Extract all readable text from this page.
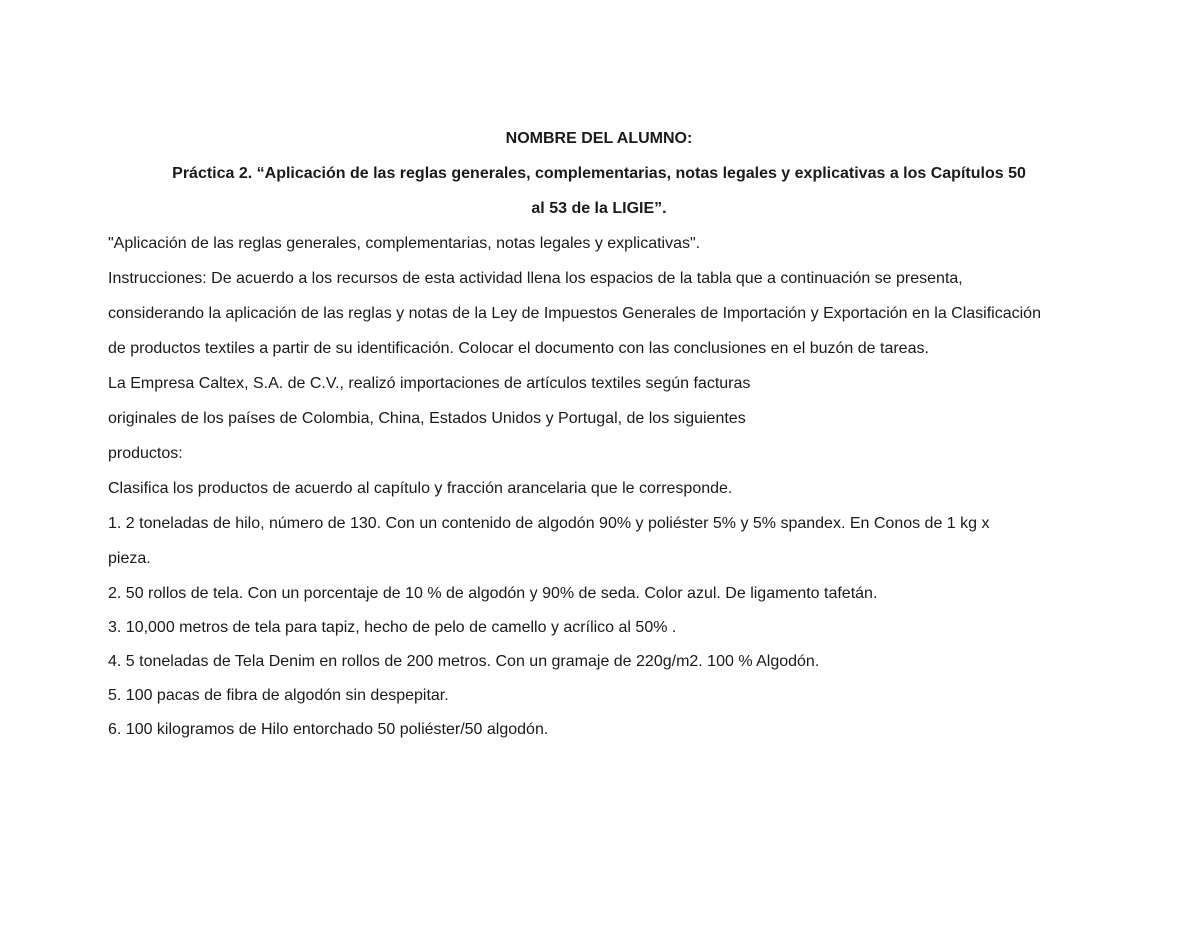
NOMBRE DEL ALUMNO:

Práctica 2. “Aplicación de las reglas generales, complementarias, notas legales y explicativas a los Capítulos 50

al 53 de la LIGIE”.

"Aplicación de las reglas generales, complementarias, notas legales y explicativas".

Instrucciones: De acuerdo a los recursos de esta actividad llena los espacios de la tabla que a continuación se presenta,

considerando la aplicación de las reglas y notas de la Ley de Impuestos Generales de Importación y Exportación en la Clasificación

de productos textiles a partir de su identificación. Colocar el documento con las conclusiones en el buzón de tareas.

La Empresa Caltex, S.A. de C.V., realizó importaciones de artículos textiles según facturas

originales de los países de Colombia, China, Estados Unidos y Portugal, de los siguientes

productos:

Clasifica los productos de acuerdo al capítulo y fracción arancelaria que le corresponde.

1. 2 toneladas de hilo, número de 130. Con un contenido de algodón 90% y poliéster 5% y 5% spandex. En Conos de 1 kg x

pieza.

2. 50 rollos de tela. Con un porcentaje de 10 % de algodón y 90% de seda. Color azul. De ligamento tafetán.

3. 10,000 metros de tela para tapiz, hecho de pelo de camello y acrílico al 50% .

4. 5 toneladas de Tela Denim en rollos de 200 metros. Con un gramaje de 220g/m2. 100 % Algodón.

5. 100 pacas de fibra de algodón sin despepitar.

6. 100 kilogramos de Hilo entorchado 50 poliéster/50 algodón.
